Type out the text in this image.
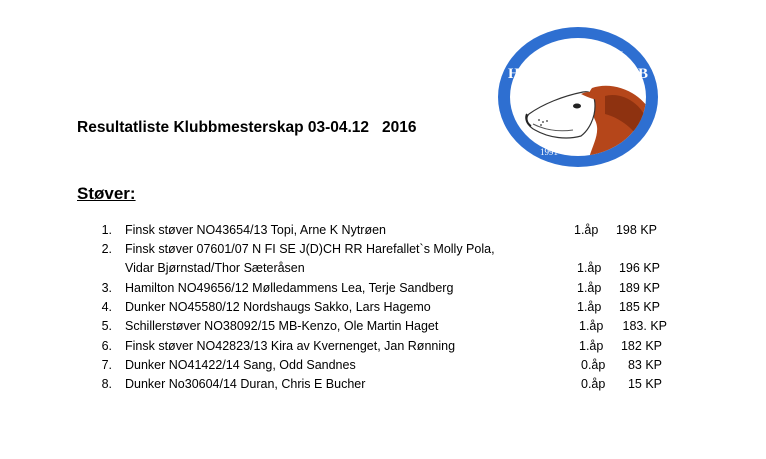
ØSTERDALEN
HAREHUNDKLUBB
1991
Resultatliste Klubbmesterskap 03-04.12   2016
Støver:
1. Finsk støver NO43654/13 Topi, Arne K Nytrøen	1.åp	198 KP
2. Finsk støver 07601/07 N FI SE J(D)CH RR Harefallet`s Molly Pola,
Vidar Bjørnstad/Thor Sæteråsen	1.åp	196 KP
3. Hamilton NO49656/12 Mølledammens Lea, Terje Sandberg	1.åp	189 KP
4. Dunker NO45580/12 Nordshaugs Sakko, Lars Hagemo	1.åp	185 KP
5. Schillerstøver NO38092/15 MB-Kenzo, Ole Martin Haget	1.åp	183. KP
6. Finsk støver NO42823/13 Kira av Kvernenget, Jan Rønning	1.åp	182 KP
7. Dunker NO41422/14 Sang, Odd Sandnes	0.åp	83 KP
8. Dunker No30604/14 Duran, Chris E Bucher	0.åp	15 KP
